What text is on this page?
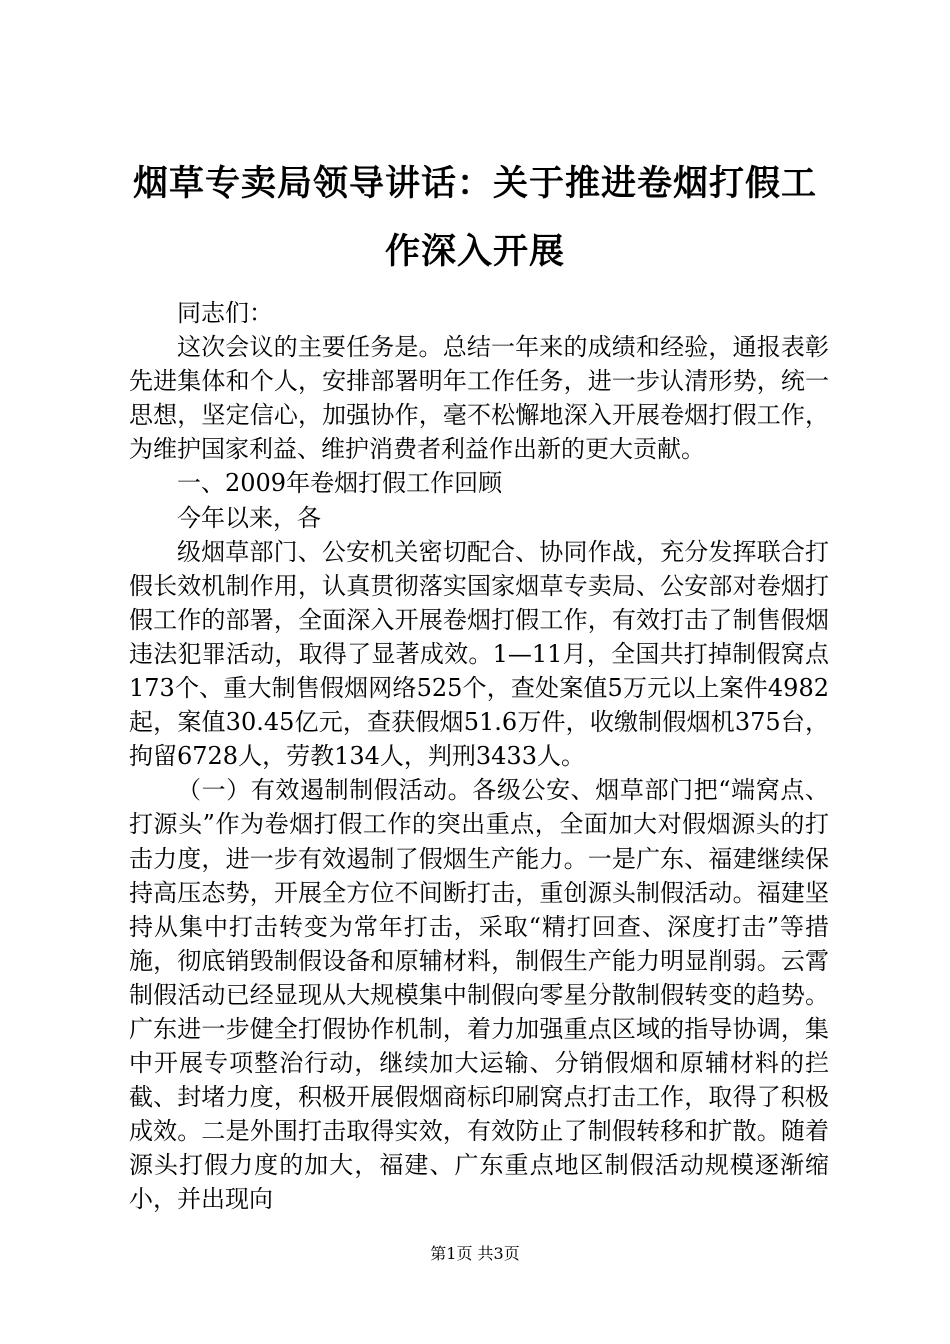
烟草专卖局领导讲话：关于推进卷烟打假工作深入开展

同志们：

这次会议的主要任务是。总结一年来的成绩和经验，通报表彰先进集体和个人，安排部署明年工作任务，进一步认清形势，统一思想，坚定信心，加强协作，毫不松懈地深入开展卷烟打假工作，为维护国家利益、维护消费者利益作出新的更大贡献。

一、2009年卷烟打假工作回顾

今年以来，各

级烟草部门、公安机关密切配合、协同作战，充分发挥联合打假长效机制作用，认真贯彻落实国家烟草专卖局、公安部对卷烟打假工作的部署，全面深入开展卷烟打假工作，有效打击了制售假烟违法犯罪活动，取得了显著成效。1—11月，全国共打掉制假窝点173个、重大制售假烟网络525个，查处案值5万元以上案件4982起，案值30.45亿元，查获假烟51.6万件，收缴制假烟机375台，拘留6728人，劳教134人，判刑3433人。

（一）有效遏制制假活动。各级公安、烟草部门把“端窝点、打源头”作为卷烟打假工作的突出重点，全面加大对假烟源头的打击力度，进一步有效遏制了假烟生产能力。一是广东、福建继续保持高压态势，开展全方位不间断打击，重创源头制假活动。福建坚持从集中打击转变为常年打击，采取“精打回查、深度打击”等措施，彻底销毁制假设备和原辅材料，制假生产能力明显削弱。云霄制假活动已经显现从大规模集中制假向零星分散制假转变的趋势。广东进一步健全打假协作机制，着力加强重点区域的指导协调，集中开展专项整治行动，继续加大运输、分销假烟和原辅材料的拦截、封堵力度，积极开展假烟商标印刷窝点打击工作，取得了积极成效。二是外围打击取得实效，有效防止了制假转移和扩散。随着源头打假力度的加大，福建、广东重点地区制假活动规模逐渐缩小，并出现向

第1页 共3页
